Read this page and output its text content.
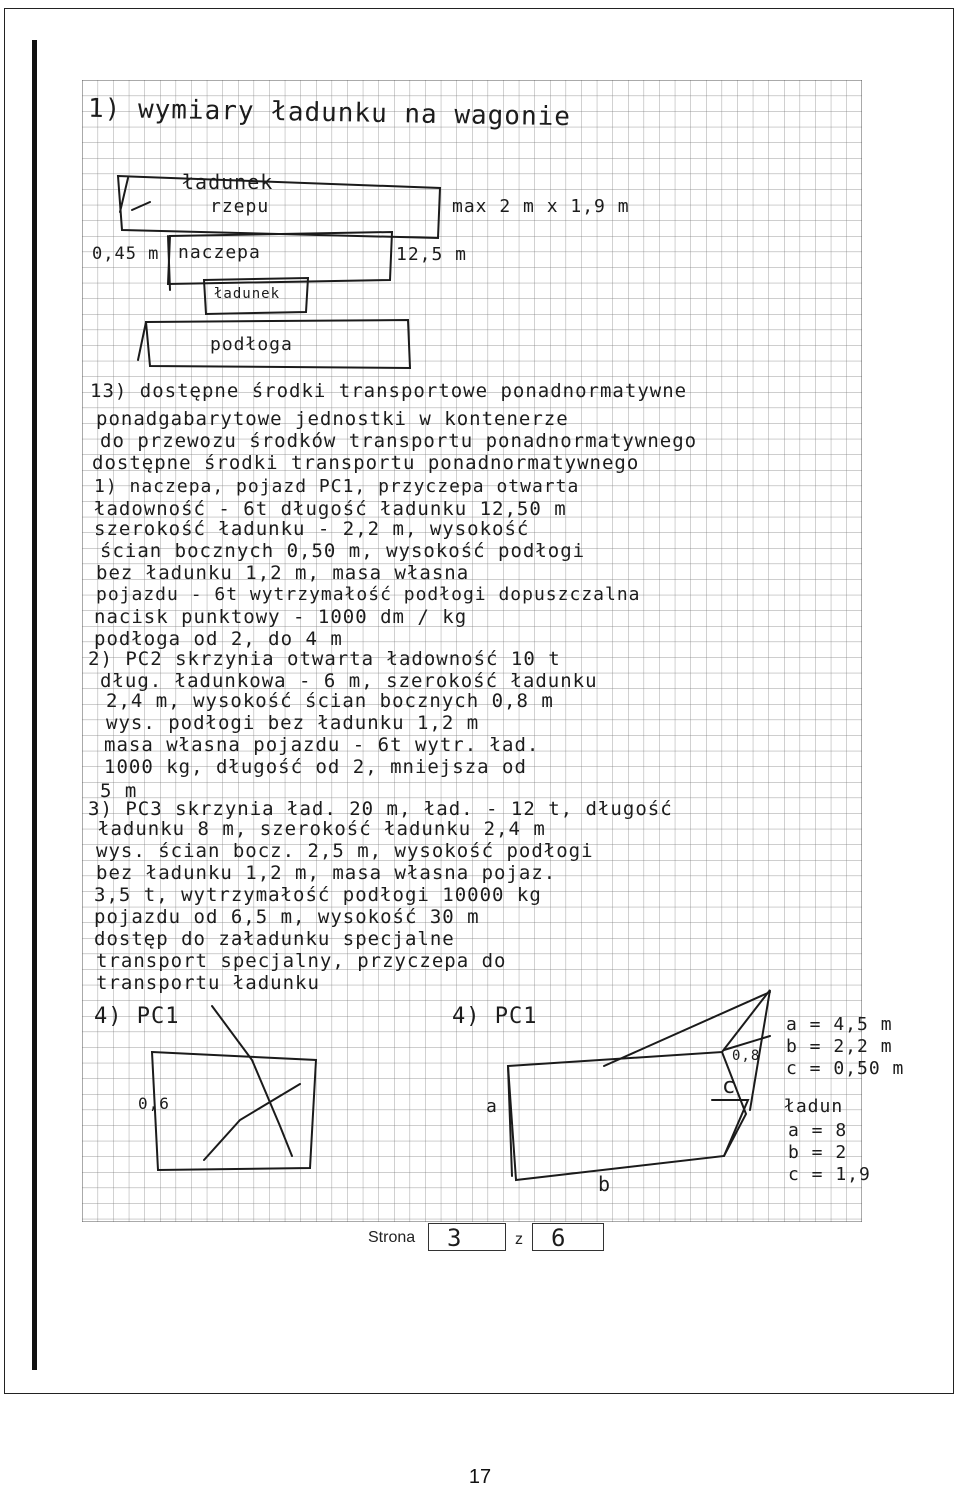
1) wymiary ładunku na wagonie
ładunek
rzepu	max 2 m x 1,9 m
0,45 m naczepa	12,5 m
ładunek
podłoga
13) dostępne środki transportowe ponadnormatywne
ponadgabarytowe jednostki w kontenerze
do przewozu środków transportu ponadnormatywnego
dostępne środki transportu ponadnormatywnego
1) naczepa, pojazd PC1, przyczepa otwarta
ładowność - 6t długość ładunku 12,50 m
szerokość ładunku - 2,2 m, wysokość
ścian bocznych 0,50 m, wysokość podłogi
bez ładunku 1,2 m, masa własna
pojazdu - 6t wytrzymałość podłogi dopuszczalna
nacisk punktowy - 1000 dm / kg
podłoga od 2, do 4 m
2) PC2 skrzynia otwarta ładowność 10 t
dług. ładunkowa - 6 m, szerokość ładunku
2,4 m, wysokość ścian bocznych 0,8 m
wys. podłogi bez ładunku 1,2 m
masa własna pojazdu - 6t wytr. ład.
1000 kg, długość od 2, mniejsza od
5 m
3) PC3 skrzynia ład. 20 m, ład. - 12 t, długość
ładunku 8 m, szerokość ładunku 2,4 m
wys. ścian bocz. 2,5 m, wysokość podłogi
bez ładunku 1,2 m, masa własna pojaz.
3,5 t, wytrzymałość podłogi 10000 kg
pojazdu od 6,5 m, wysokość 30 m
dostęp do załadunku specjalne
transport specjalny, przyczepa do
transportu ładunku
4) PC1	4) PC1
0,6	a
c
0,8
b
a = 4,5 m
b = 2,2 m
c = 0,50 m
ładun
a = 8
b = 2
c = 1,9
Strona 3	z 6
17
